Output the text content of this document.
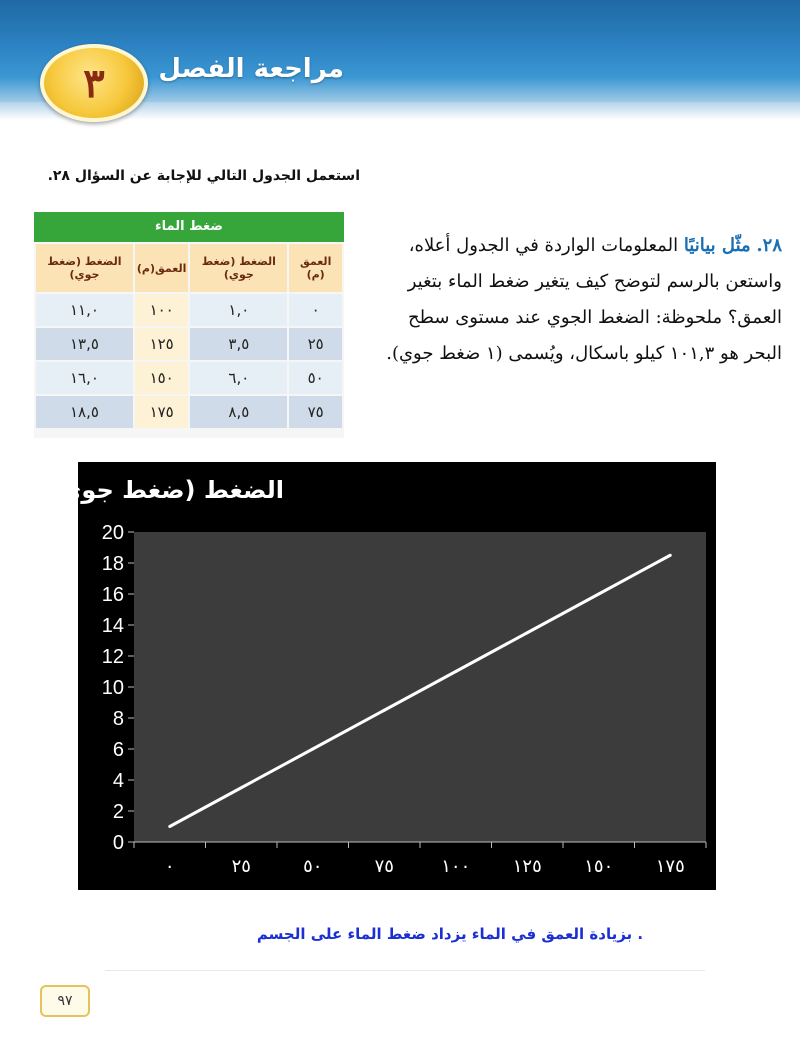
٣	مراجعة الفصل
استعمل الجدول التالي للإجابة عن السؤال ٢٨.
ضغط الماء
العمق (م)	الضغط (ضغط جوي)	العمق(م)	الضغط (ضغط جوي)
٠	١,٠	١٠٠	١١,٠
٢٥	٣,٥	١٢٥	١٣,٥
٥٠	٦,٠	١٥٠	١٦,٠
٧٥	٨,٥	١٧٥	١٨,٥
٢٨. مثّل بيانيًا المعلومات الواردة في الجدول أعلاه، واستعن بالرسم لتوضح كيف يتغير ضغط الماء بتغير العمق؟ ملحوظة: الضغط الجوي عند مستوى سطح البحر هو ١٠١,٣ كيلو باسكال، ويُسمى (١ ضغط جوي).
الضغط (ضغط جوي )
0
2
4
6
8
10
12
14
16
18
20
٠	٢٥	٥٠	٧٥	١٠٠ ١٢٥ ١٥٠ ١٧٥
. بزيادة العمق في الماء يزداد ضغط الماء على الجسم
٩٧
